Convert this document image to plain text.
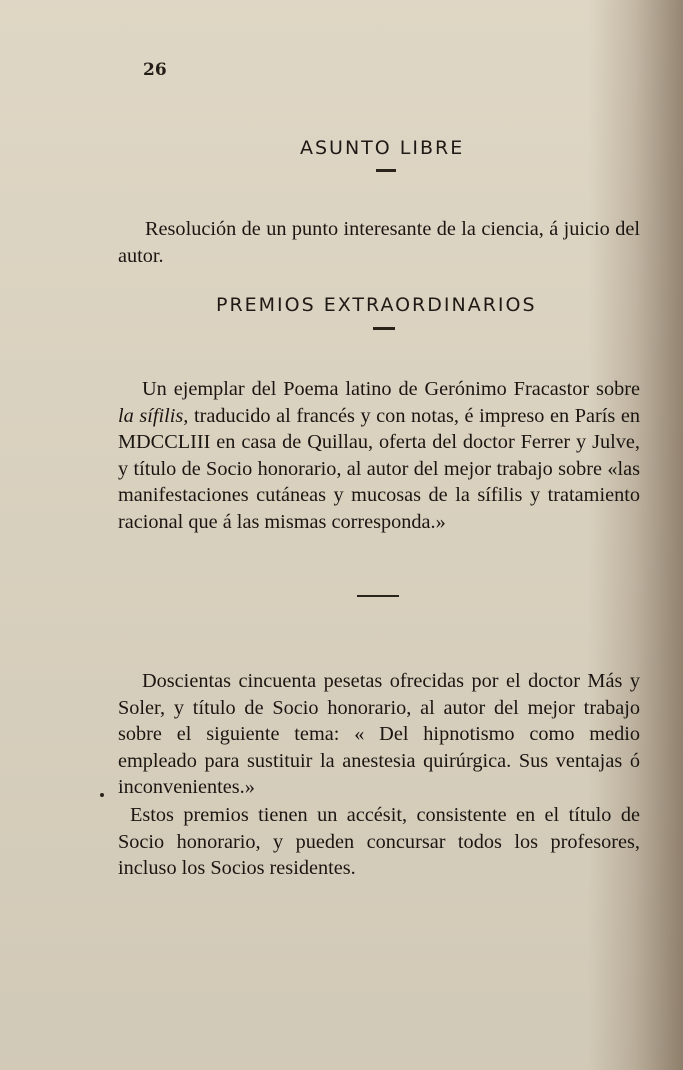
26
ASUNTO LIBRE

Resolución de un punto interesante de la ciencia, á juicio del autor.

PREMIOS EXTRAORDINARIOS

Un ejemplar del Poema latino de Gerónimo Fracastor sobre la sífilis, traducido al francés y con notas, é impreso en París en MDCCLIII en casa de Quillau, oferta del doctor Ferrer y Julve, y título de Socio honorario, al autor del mejor trabajo sobre «las manifestaciones cutáneas y mucosas de la sífilis y tratamiento racional que á las mismas corresponda.»

Doscientas cincuenta pesetas ofrecidas por el doctor Más y Soler, y título de Socio honorario, al autor del mejor trabajo sobre el siguiente tema: « Del hipnotismo como medio empleado para sustituir la anestesia quirúrgica. Sus ventajas ó inconvenientes.»

Estos premios tienen un accésit, consistente en el título de Socio honorario, y pueden concursar todos los profesores, incluso los Socios residentes.
